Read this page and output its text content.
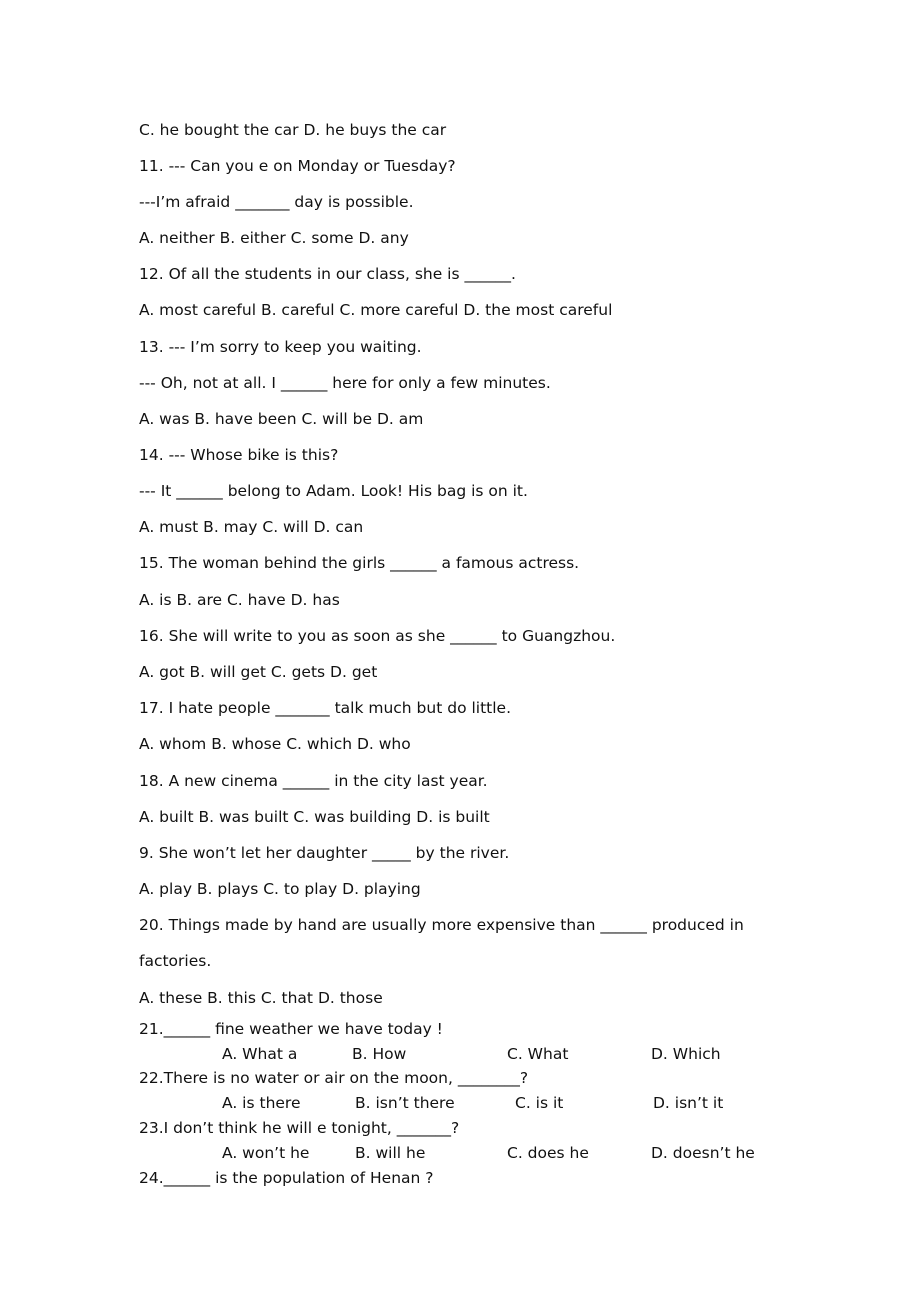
C. he bought the car D. he buys the car
11. --- Can you e on Monday or Tuesday?
---I’m afraid _______ day is possible.
A. neither B. either C. some D. any
12. Of all the students in our class, she is ______.
A. most careful B. careful C. more careful D. the most careful
13. --- I’m sorry to keep you waiting.
--- Oh, not at all. I ______ here for only a few minutes.
A. was B. have been C. will be D. am
14. --- Whose bike is this?
--- It ______ belong to Adam. Look! His bag is on it.
A. must B. may C. will D. can
15. The woman behind the girls ______ a famous actress.
A. is B. are C. have D. has
16. She will write to you as soon as she ______ to Guangzhou.
A. got B. will get C. gets D. get
17. I hate people _______ talk much but do little.
A. whom B. whose C. which D. who
18. A new cinema ______ in the city last year.
A. built B. was built C. was building D. is built
9. She won’t let her daughter _____ by the river.
A. play B. plays C. to play D. playing
20. Things made by hand are usually more expensive than ______ produced in
factories.
A. these B. this C. that D. those
21.______ fine weather we have today !
A. What a	B. How	C. What	D. Which
22.There is no water or air on the moon, ________?
A. is there	B. isn’t there	C. is it	D. isn’t it
23.I don’t think he will e tonight, _______?
A. won’t he	B. will he	C. does he	D. doesn’t he
24.______ is the population of Henan ?
